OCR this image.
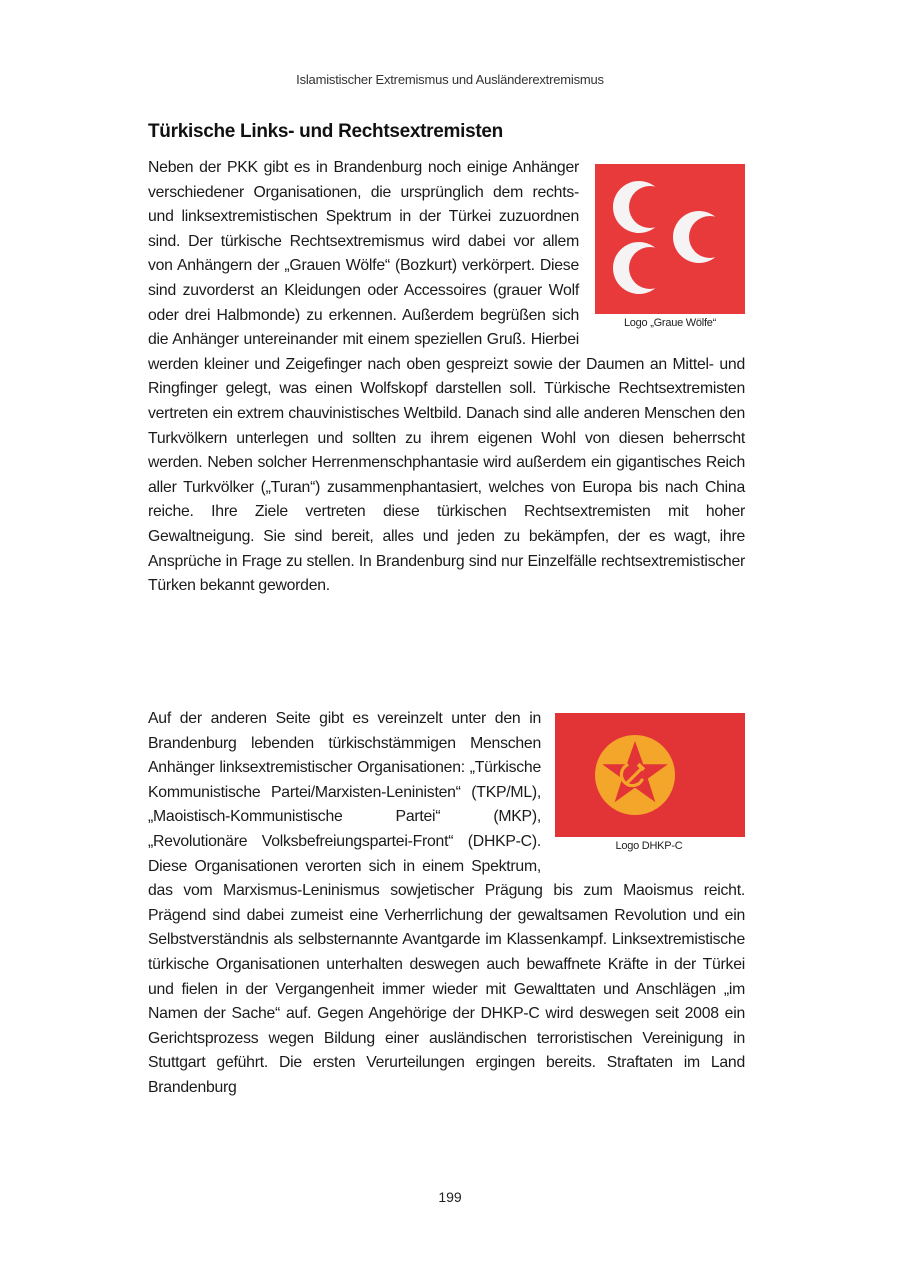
Islamistischer Extremismus und Ausländerextremismus
Türkische Links- und Rechtsextremisten
Logo „Graue Wölfe“
Neben der PKK gibt es in Brandenburg noch einige Anhänger verschiedener Organisationen, die ursprünglich dem rechts- und linksextremistischen Spektrum in der Türkei zuzuordnen sind. Der türkische Rechtsextremismus wird dabei vor allem von Anhängern der „Grauen Wölfe“ (Bozkurt) verkörpert. Diese sind zuvorderst an Kleidungen oder Accessoires (grauer Wolf oder drei Halbmonde) zu erkennen. Außerdem begrüßen sich die Anhänger untereinander mit einem speziellen Gruß. Hierbei werden kleiner und Zeigefinger nach oben gespreizt sowie der Daumen an Mittel- und Ringfinger gelegt, was einen Wolfskopf darstellen soll. Türkische Rechtsextremisten vertreten ein extrem chauvinistisches Weltbild. Danach sind alle anderen Menschen den Turkvölkern unterlegen und sollten zu ihrem eigenen Wohl von diesen beherrscht werden. Neben solcher Herrenmenschphantasie wird außerdem ein gigantisches Reich aller Turkvölker („Turan“) zusammenphantasiert, welches von Europa bis nach China reiche. Ihre Ziele vertreten diese türkischen Rechtsextremisten mit hoher Gewaltneigung. Sie sind bereit, alles und jeden zu bekämpfen, der es wagt, ihre Ansprüche in Frage zu stellen. In Brandenburg sind nur Einzelfälle rechtsextremistischer Türken bekannt geworden.
Logo DHKP-C
Auf der anderen Seite gibt es vereinzelt unter den in Brandenburg lebenden türkischstämmigen Menschen Anhänger linksextremistischer Organisationen: „Türkische Kommunistische Partei/Marxisten-Leninisten“ (TKP/ML), „Maoistisch-Kommunistische Partei“ (MKP), „Revolutionäre Volksbefreiungspartei-Front“ (DHKP-C). Diese Organisationen verorten sich in einem Spektrum, das vom Marxismus-Leninismus sowjetischer Prägung bis zum Maoismus reicht. Prägend sind dabei zumeist eine Verherrlichung der gewaltsamen Revolution und ein Selbstverständnis als selbsternannte Avantgarde im Klassenkampf. Linksextremistische türkische Organisationen unterhalten deswegen auch bewaffnete Kräfte in der Türkei und fielen in der Vergangenheit immer wieder mit Gewalttaten und Anschlägen „im Namen der Sache“ auf. Gegen Angehörige der DHKP-C wird deswegen seit 2008 ein Gerichtsprozess wegen Bildung einer ausländischen terroristischen Vereinigung in Stuttgart geführt. Die ersten Verurteilungen ergingen bereits. Straftaten im Land Brandenburg
199
